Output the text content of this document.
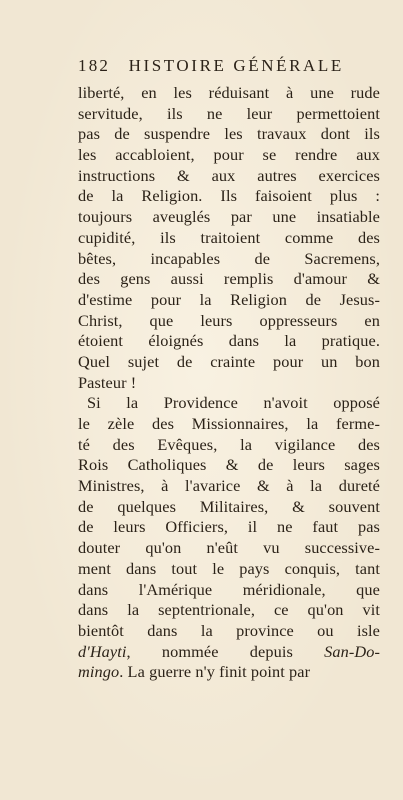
182 HISTOIRE GÉNÉRALE
liberté, en les réduisant à une rude
servitude, ils ne leur permettoient
pas de suspendre les travaux dont ils
les accabloient, pour se rendre aux
instructions & aux autres exercices
de la Religion. Ils faisoient plus :
toujours aveuglés par une insatiable
cupidité, ils traitoient comme des
bêtes, incapables de Sacremens,
des gens aussi remplis d'amour &
d'estime pour la Religion de Jesus-
Christ, que leurs oppresseurs en
étoient éloignés dans la pratique.
Quel sujet de crainte pour un bon
Pasteur !
Si la Providence n'avoit opposé
le zèle des Missionnaires, la ferme-
té des Evêques, la vigilance des
Rois Catholiques & de leurs sages
Ministres, à l'avarice & à la dureté
de quelques Militaires, & souvent
de leurs Officiers, il ne faut pas
douter qu'on n'eût vu successive-
ment dans tout le pays conquis, tant
dans l'Amérique méridionale, que
dans la septentrionale, ce qu'on vit
bientôt dans la province ou isle
d'Hayti, nommée depuis San-Do-
mingo. La guerre n'y finit point par
